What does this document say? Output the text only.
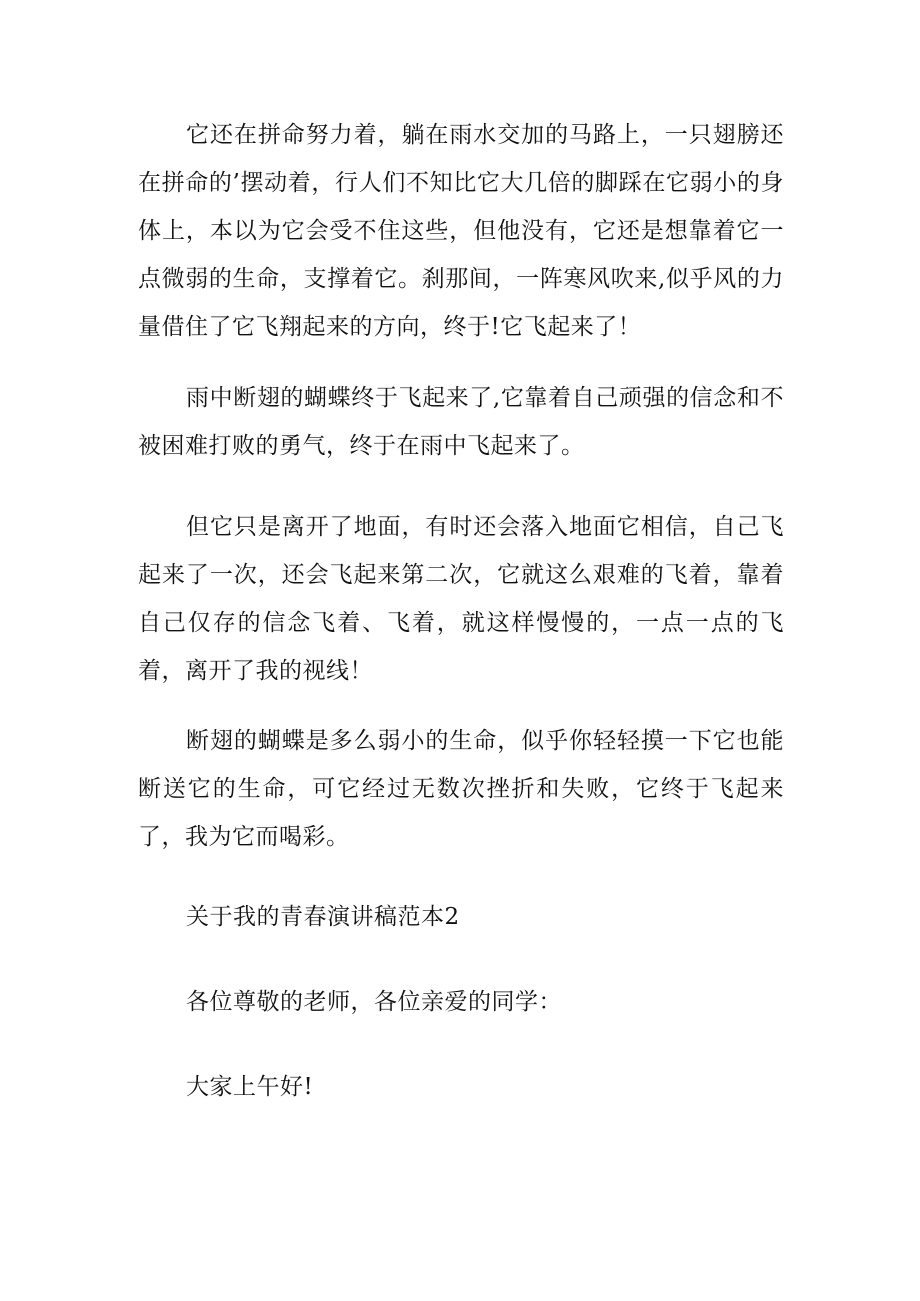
它还在拼命努力着，躺在雨水交加的马路上，一只翅膀还在拼命的’摆动着，行人们不知比它大几倍的脚踩在它弱小的身体上，本以为它会受不住这些，但他没有，它还是想靠着它一点微弱的生命，支撑着它。刹那间，一阵寒风吹来,似乎风的力量借住了它飞翔起来的方向，终于!它飞起来了！

雨中断翅的蝴蝶终于飞起来了,它靠着自己顽强的信念和不被困难打败的勇气，终于在雨中飞起来了。

但它只是离开了地面，有时还会落入地面它相信，自己飞起来了一次，还会飞起来第二次，它就这么艰难的飞着，靠着自己仅存的信念飞着、飞着，就这样慢慢的，一点一点的飞着，离开了我的视线！

断翅的蝴蝶是多么弱小的生命，似乎你轻轻摸一下它也能断送它的生命，可它经过无数次挫折和失败，它终于飞起来了，我为它而喝彩。

关于我的青春演讲稿范本2

各位尊敬的老师，各位亲爱的同学：

大家上午好!
